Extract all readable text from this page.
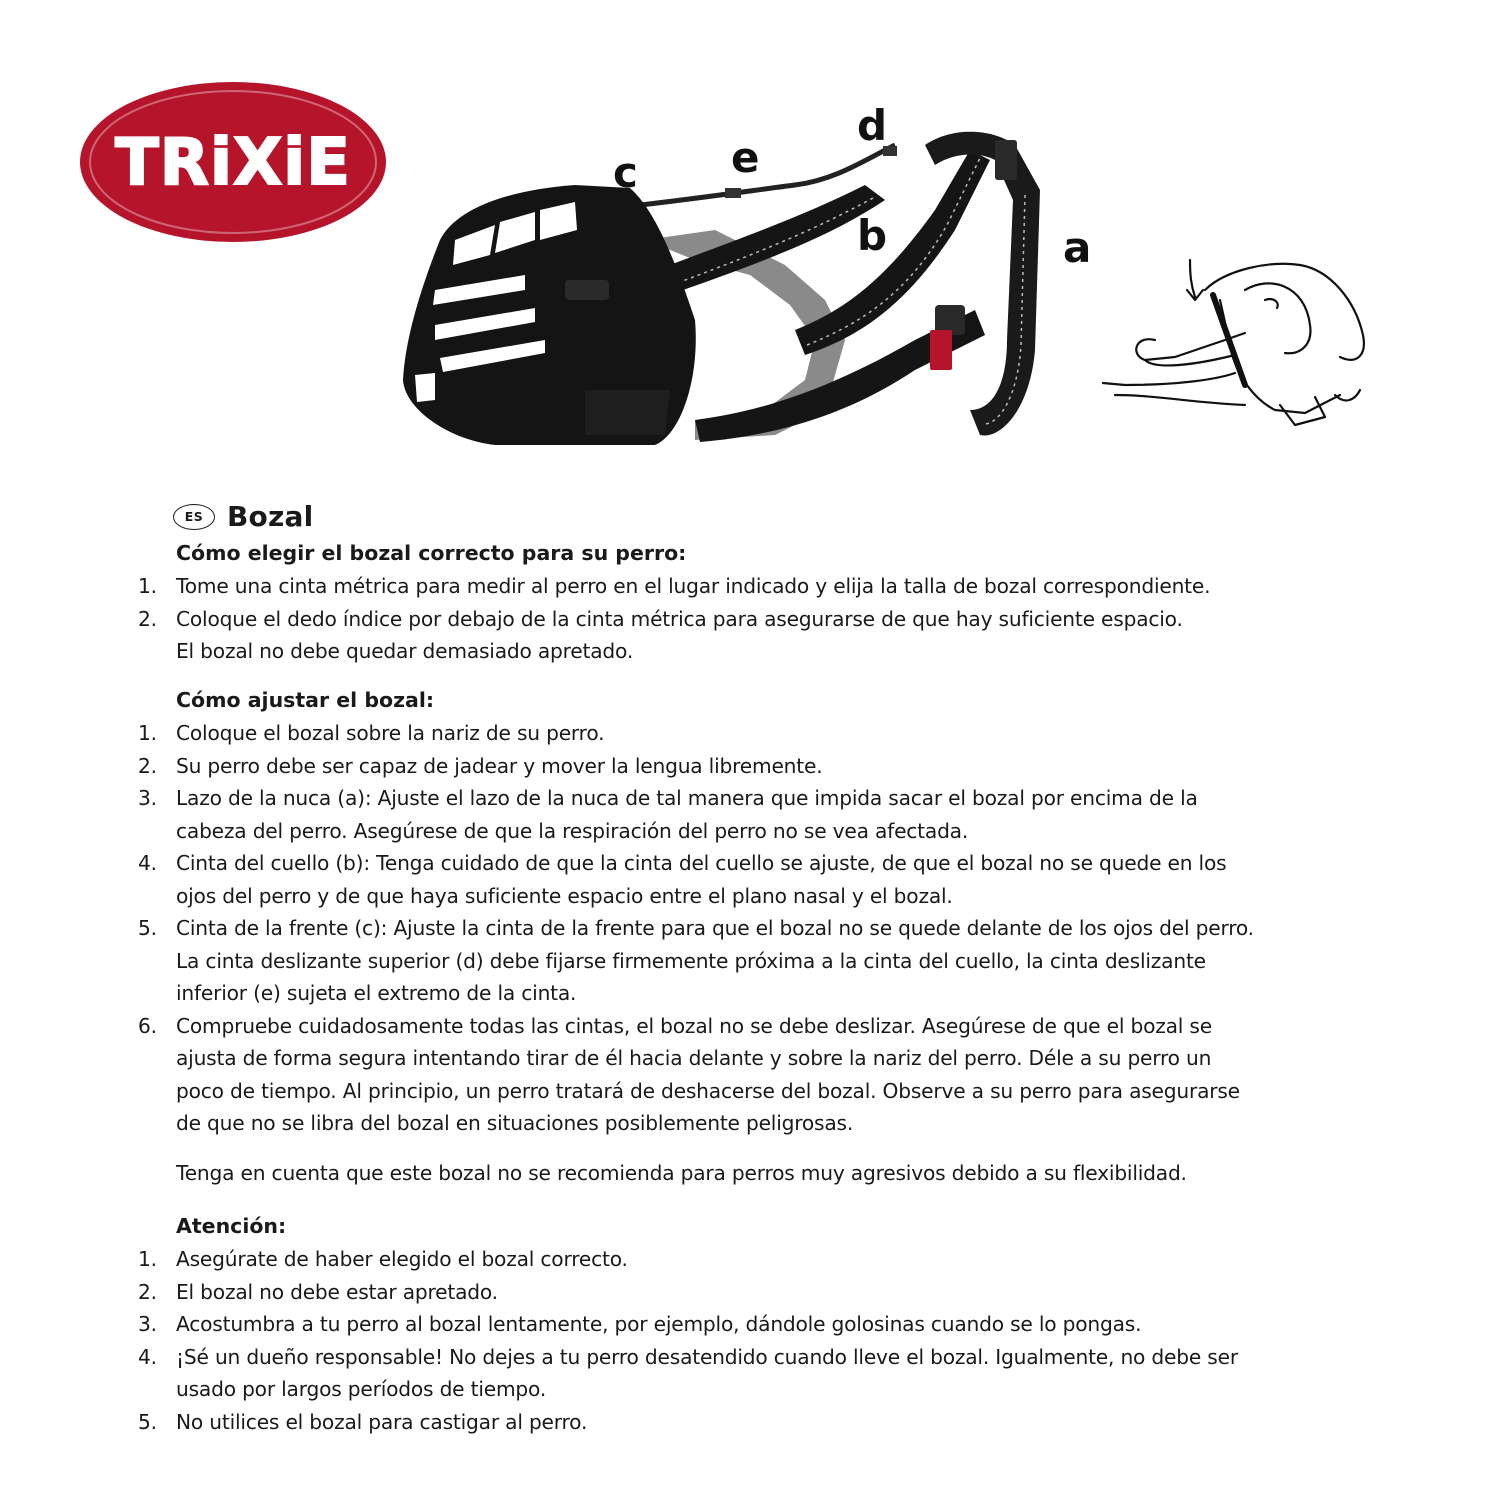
TRiXiE
d
c e
b	a
ES Bozal
Cómo elegir el bozal correcto para su perro:
1. Tome una cinta métrica para medir al perro en el lugar indicado y elija la talla de bozal correspondiente.
2. Coloque el dedo índice por debajo de la cinta métrica para asegurarse de que hay suficiente espacio.
El bozal no debe quedar demasiado apretado.
Cómo ajustar el bozal:
1. Coloque el bozal sobre la nariz de su perro.
2. Su perro debe ser capaz de jadear y mover la lengua libremente.
3. Lazo de la nuca (a): Ajuste el lazo de la nuca de tal manera que impida sacar el bozal por encima de la
cabeza del perro. Asegúrese de que la respiración del perro no se vea afectada.
4. Cinta del cuello (b): Tenga cuidado de que la cinta del cuello se ajuste, de que el bozal no se quede en los
ojos del perro y de que haya suficiente espacio entre el plano nasal y el bozal.
5. Cinta de la frente (c): Ajuste la cinta de la frente para que el bozal no se quede delante de los ojos del perro.
La cinta deslizante superior (d) debe fijarse firmemente próxima a la cinta del cuello, la cinta deslizante
inferior (e) sujeta el extremo de la cinta.
6. Compruebe cuidadosamente todas las cintas, el bozal no se debe deslizar. Asegúrese de que el bozal se
ajusta de forma segura intentando tirar de él hacia delante y sobre la nariz del perro. Déle a su perro un
poco de tiempo. Al principio, un perro tratará de deshacerse del bozal. Observe a su perro para asegurarse
de que no se libra del bozal en situaciones posiblemente peligrosas.
Tenga en cuenta que este bozal no se recomienda para perros muy agresivos debido a su flexibilidad.
Atención:
1. Asegúrate de haber elegido el bozal correcto.
2. El bozal no debe estar apretado.
3. Acostumbra a tu perro al bozal lentamente, por ejemplo, dándole golosinas cuando se lo pongas.
4. ¡Sé un dueño responsable! No dejes a tu perro desatendido cuando lleve el bozal. Igualmente, no debe ser
usado por largos períodos de tiempo.
5. No utilices el bozal para castigar al perro.
